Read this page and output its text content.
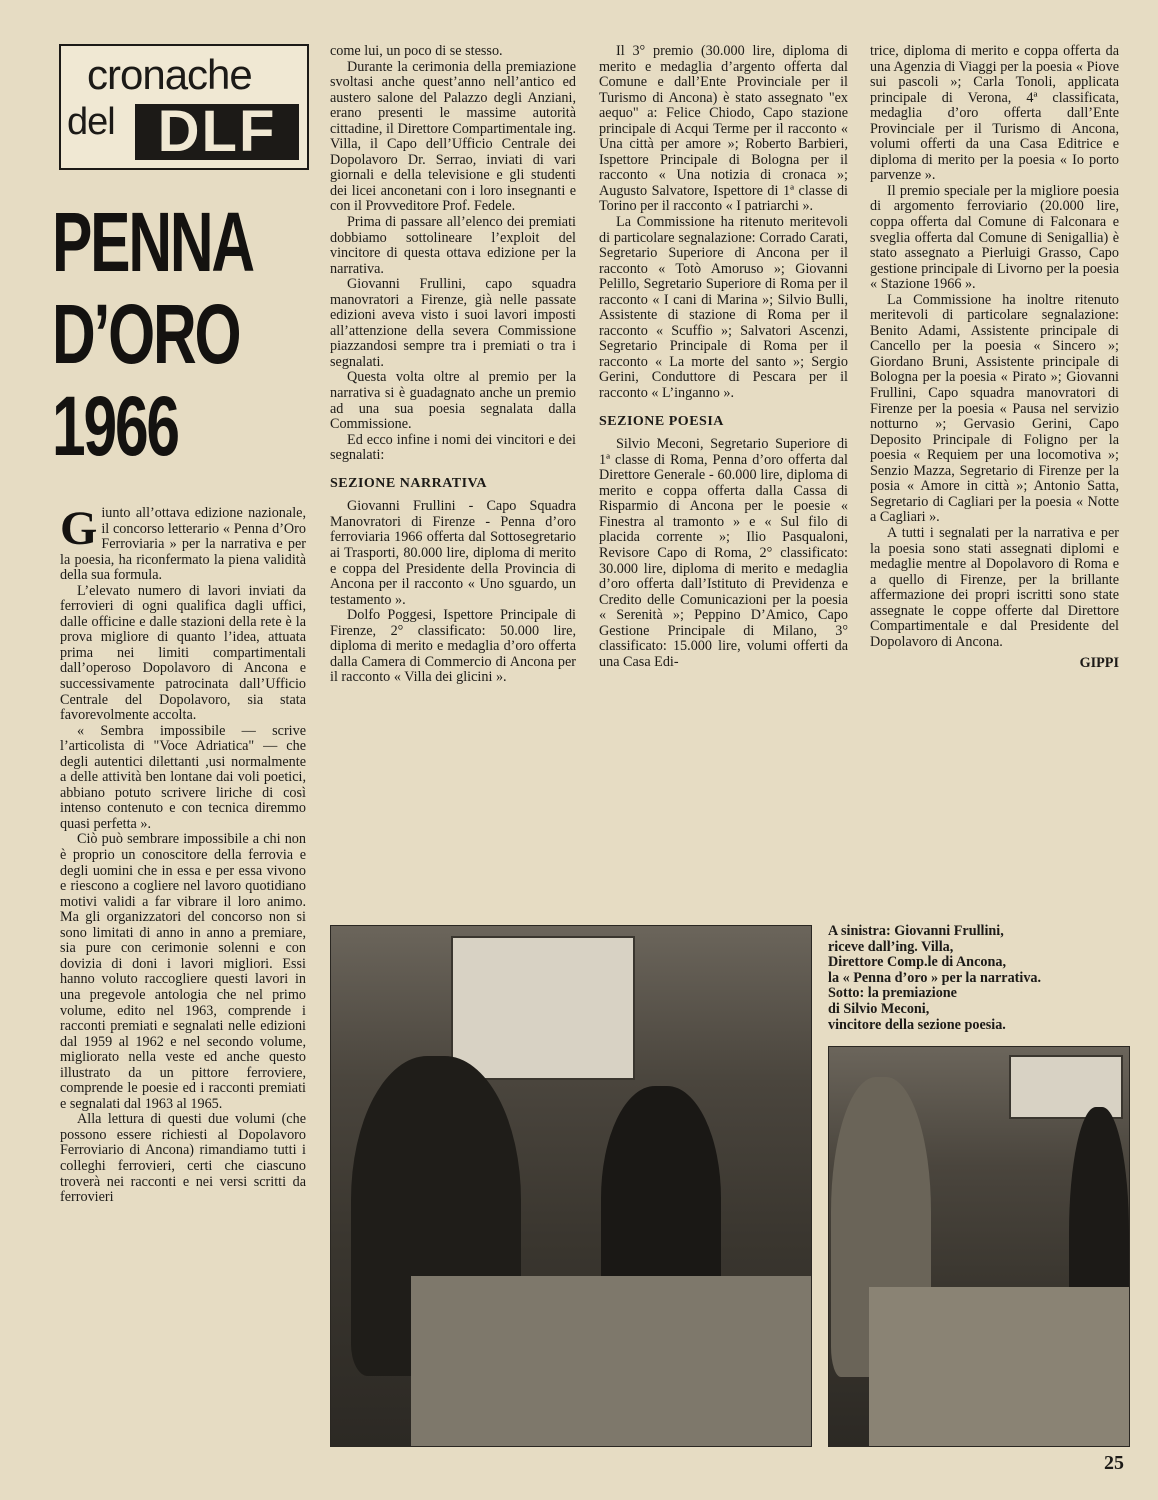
cronache
del DLF
PENNA
D’ORO
1966

Giunto all’ottava edizione nazionale, il concorso letterario « Penna d’Oro Ferroviaria » per la narrativa e per la poesia, ha riconfermato la piena validità della sua formula.

L’elevato numero di lavori inviati da ferrovieri di ogni qualifica dagli uffici, dalle officine e dalle stazioni della rete è la prova migliore di quanto l’idea, attuata prima nei limiti compartimentali dall’operoso Dopolavoro di Ancona e successivamente patrocinata dall’Ufficio Centrale del Dopolavoro, sia stata favorevolmente accolta.

« Sembra impossibile — scrive l’articolista di "Voce Adriatica" — che degli autentici dilettanti ,usi normalmente a delle attività ben lontane dai voli poetici, abbiano potuto scrivere liriche di così intenso contenuto e con tecnica diremmo quasi perfetta ».

Ciò può sembrare impossibile a chi non è proprio un conoscitore della ferrovia e degli uomini che in essa e per essa vivono e riescono a cogliere nel lavoro quotidiano motivi validi a far vibrare il loro animo. Ma gli organizzatori del concorso non si sono limitati di anno in anno a premiare, sia pure con cerimonie solenni e con dovizia di doni i lavori migliori. Essi hanno voluto raccogliere questi lavori in una pregevole antologia che nel primo volume, edito nel 1963, comprende i racconti premiati e segnalati nelle edizioni dal 1959 al 1962 e nel secondo volume, migliorato nella veste ed anche questo illustrato da un pittore ferroviere, comprende le poesie ed i racconti premiati e segnalati dal 1963 al 1965.

Alla lettura di questi due volumi (che possono essere richiesti al Dopolavoro Ferroviario di Ancona) rimandiamo tutti i colleghi ferrovieri, certi che ciascuno troverà nei racconti e nei versi scritti da ferrovieri

come lui, un poco di se stesso.

Durante la cerimonia della premiazione svoltasi anche quest’anno nell’antico ed austero salone del Palazzo degli Anziani, erano presenti le massime autorità cittadine, il Direttore Compartimentale ing. Villa, il Capo dell’Ufficio Centrale dei Dopolavoro Dr. Serrao, inviati di vari giornali e della televisione e gli studenti dei licei anconetani con i loro insegnanti e con il Provveditore Prof. Fedele.

Prima di passare all’elenco dei premiati dobbiamo sottolineare l’exploit del vincitore di questa ottava edizione per la narrativa.

Giovanni Frullini, capo squadra manovratori a Firenze, già nelle passate edizioni aveva visto i suoi lavori imposti all’attenzione della severa Commissione piazzandosi sempre tra i premiati o tra i segnalati.

Questa volta oltre al premio per la narrativa si è guadagnato anche un premio ad una sua poesia segnalata dalla Commissione.

Ed ecco infine i nomi dei vincitori e dei segnalati:

SEZIONE NARRATIVA

Giovanni Frullini - Capo Squadra Manovratori di Firenze - Penna d’oro ferroviaria 1966 offerta dal Sottosegretario ai Trasporti, 80.000 lire, diploma di merito e coppa del Presidente della Provincia di Ancona per il racconto « Uno sguardo, un testamento ».

Dolfo Poggesi, Ispettore Principale di Firenze, 2° classificato: 50.000 lire, diploma di merito e medaglia d’oro offerta dalla Camera di Commercio di Ancona per il racconto « Villa dei glicini ».

Il 3° premio (30.000 lire, diploma di merito e medaglia d’argento offerta dal Comune e dall’Ente Provinciale per il Turismo di Ancona) è stato assegnato "ex aequo" a: Felice Chiodo, Capo stazione principale di Acqui Terme per il racconto « Una città per amore »; Roberto Barbieri, Ispettore Principale di Bologna per il racconto « Una notizia di cronaca »; Augusto Salvatore, Ispettore di 1ª classe di Torino per il racconto « I patriarchi ».

La Commissione ha ritenuto meritevoli di particolare segnalazione: Corrado Carati, Segretario Superiore di Ancona per il racconto « Totò Amoruso »; Giovanni Pelillo, Segretario Superiore di Roma per il racconto « I cani di Marina »; Silvio Bulli, Assistente di stazione di Roma per il racconto « Scuffio »; Salvatori Ascenzi, Segretario Principale di Roma per il racconto « La morte del santo »; Sergio Gerini, Conduttore di Pescara per il racconto « L’inganno ».

SEZIONE POESIA

Silvio Meconi, Segretario Superiore di 1ª classe di Roma, Penna d’oro offerta dal Direttore Generale - 60.000 lire, diploma di merito e coppa offerta dalla Cassa di Risparmio di Ancona per le poesie « Finestra al tramonto » e « Sul filo di placida corrente »; Ilio Pasqualoni, Revisore Capo di Roma, 2° classificato: 30.000 lire, diploma di merito e medaglia d’oro offerta dall’Istituto di Previdenza e Credito delle Comunicazioni per la poesia « Serenità »; Peppino D’Amico, Capo Gestione Principale di Milano, 3° classificato: 15.000 lire, volumi offerti da una Casa Edi-

trice, diploma di merito e coppa offerta da una Agenzia di Viaggi per la poesia « Piove sui pascoli »; Carla Tonoli, applicata principale di Verona, 4ª classificata, medaglia d’oro offerta dall’Ente Provinciale per il Turismo di Ancona, volumi offerti da una Casa Editrice e diploma di merito per la poesia « Io porto parvenze ».

Il premio speciale per la migliore poesia di argomento ferroviario (20.000 lire, coppa offerta dal Comune di Falconara e sveglia offerta dal Comune di Senigallia) è stato assegnato a Pierluigi Grasso, Capo gestione principale di Livorno per la poesia « Stazione 1966 ».

La Commissione ha inoltre ritenuto meritevoli di particolare segnalazione: Benito Adami, Assistente principale di Cancello per la poesia « Sincero »; Giordano Bruni, Assistente principale di Bologna per la poesia « Pirato »; Giovanni Frullini, Capo squadra manovratori di Firenze per la poesia « Pausa nel servizio notturno »; Gervasio Gerini, Capo Deposito Principale di Foligno per la poesia « Requiem per una locomotiva »; Senzio Mazza, Segretario di Firenze per la posia « Amore in città »; Antonio Satta, Segretario di Cagliari per la poesia « Notte a Cagliari ».

A tutti i segnalati per la narrativa e per la poesia sono stati assegnati diplomi e medaglie mentre al Dopolavoro di Roma e a quello di Firenze, per la brillante affermazione dei propri iscritti sono state assegnate le coppe offerte dal Direttore Compartimentale e dal Presidente del Dopolavoro di Ancona.

GIPPI

A sinistra: Giovanni Frullini,
riceve dall’ing. Villa,
Direttore Comp.le di Ancona,
la « Penna d’oro » per la narrativa.
Sotto: la premiazione
di Silvio Meconi,
vincitore della sezione poesia.
25
